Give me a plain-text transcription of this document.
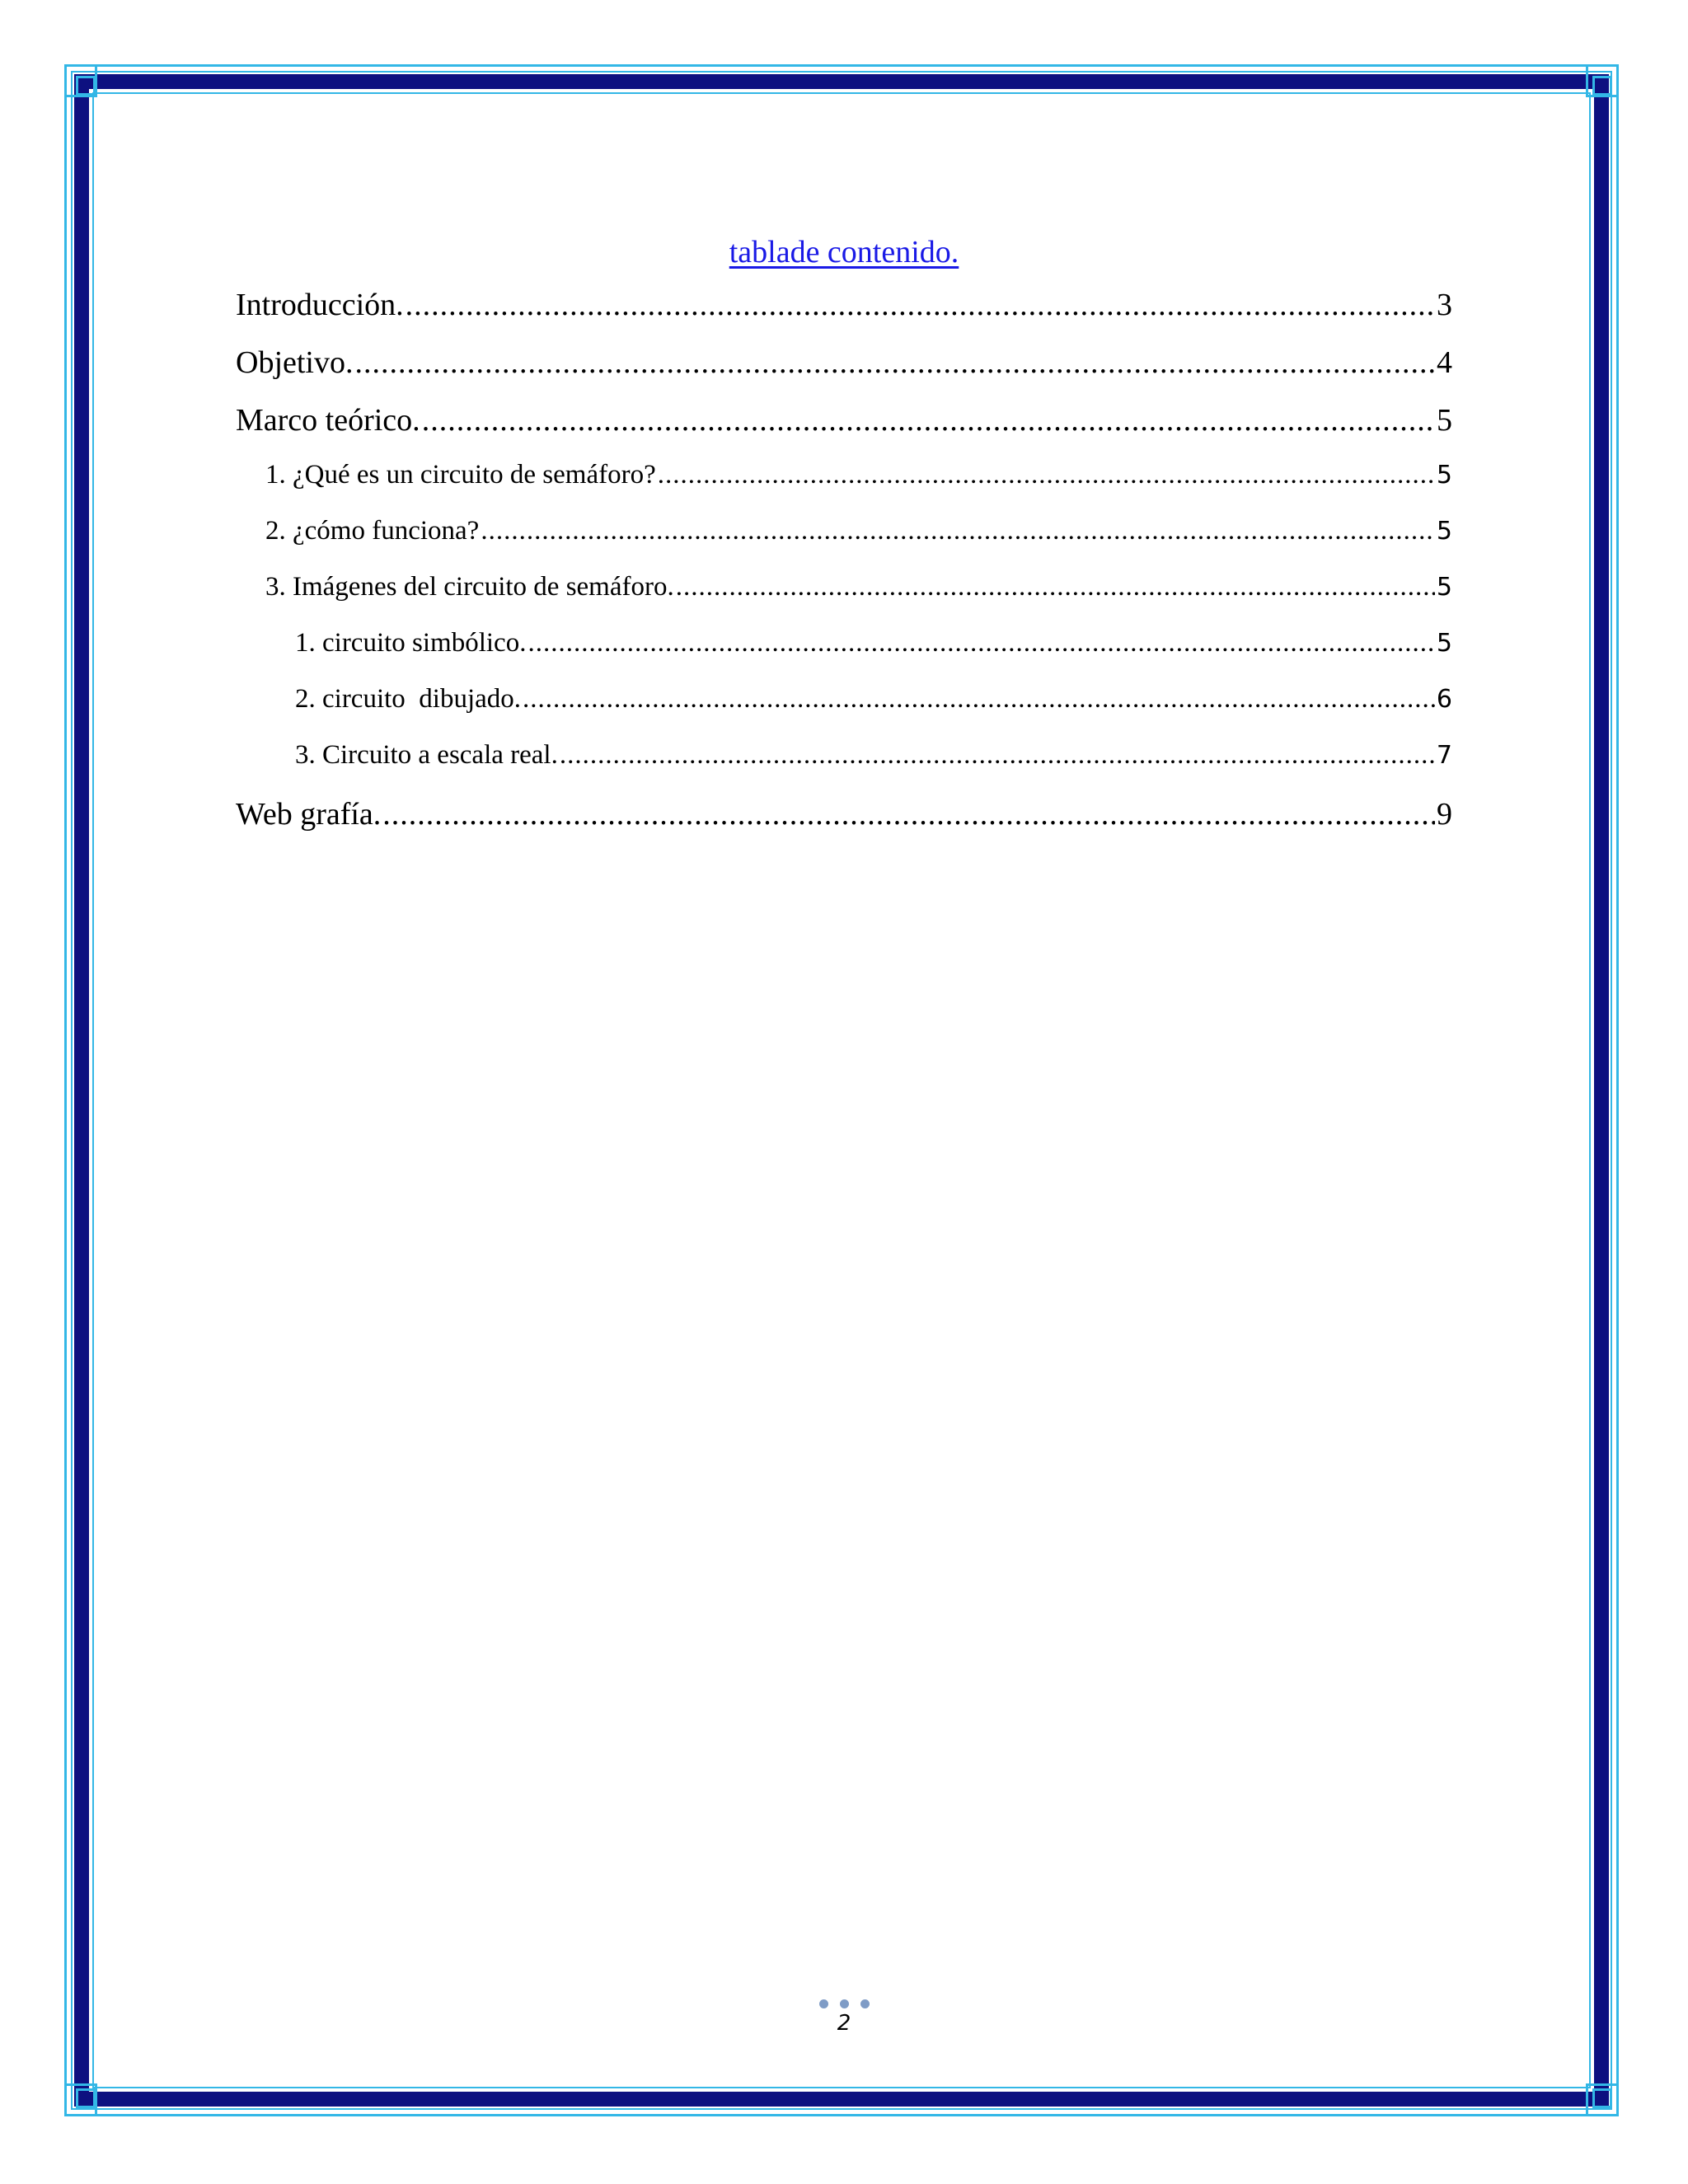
tablade contenido.
Introducción. .....	3
Objetivo. .....	4
Marco teórico. .....	5
1. ¿Qué es un circuito de semáforo? .....	5
2. ¿cómo funciona? .....	5
3. Imágenes del circuito de semáforo. .....	5
1. circuito simbólico. .....	5
2. circuito  dibujado. .....	6
3. Circuito a escala real. .....	7
Web grafía. .....	9
2
